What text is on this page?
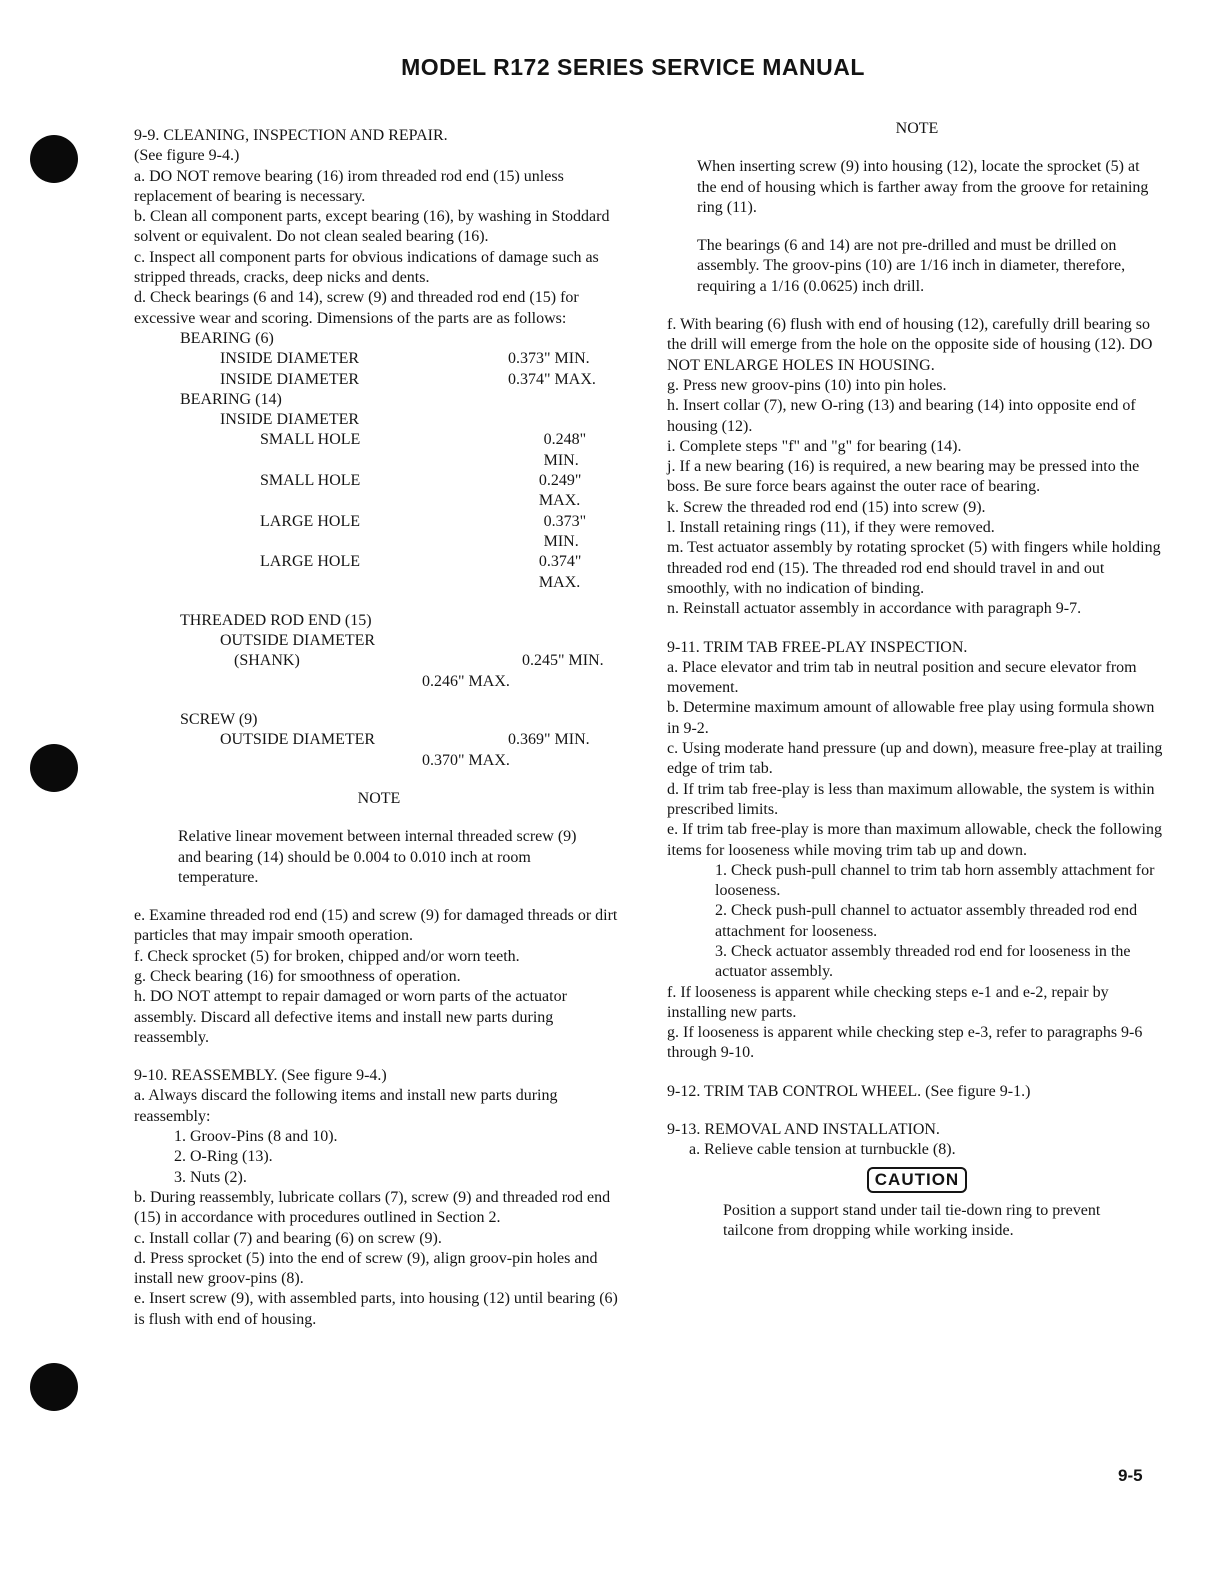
MODEL R172 SERIES SERVICE MANUAL

9-9. CLEANING, INSPECTION AND REPAIR.

(See figure 9-4.)

a. DO NOT remove bearing (16) irom threaded rod end (15) unless replacement of bearing is necessary.

b. Clean all component parts, except bearing (16), by washing in Stoddard solvent or equivalent. Do not clean sealed bearing (16).

c. Inspect all component parts for obvious indications of damage such as stripped threads, cracks, deep nicks and dents.

d. Check bearings (6 and 14), screw (9) and threaded rod end (15) for excessive wear and scoring. Dimensions of the parts are as follows:

BEARING (6)
INSIDE DIAMETER	0.373" MIN.
INSIDE DIAMETER	0.374" MAX.
BEARING (14)
INSIDE DIAMETER
SMALL HOLE	0.248" MIN.
SMALL HOLE	0.249" MAX.
LARGE HOLE	0.373" MIN.
LARGE HOLE	0.374" MAX.
THREADED ROD END (15)
OUTSIDE DIAMETER
(SHANK)	0.245" MIN.
0.246" MAX.
SCREW (9)
OUTSIDE DIAMETER	0.369" MIN.
0.370" MAX.

NOTE

Relative linear movement between internal threaded screw (9) and bearing (14) should be 0.004 to 0.010 inch at room temperature.

e. Examine threaded rod end (15) and screw (9) for damaged threads or dirt particles that may impair smooth operation.

f. Check sprocket (5) for broken, chipped and/or worn teeth.

g. Check bearing (16) for smoothness of operation.

h. DO NOT attempt to repair damaged or worn parts of the actuator assembly. Discard all defective items and install new parts during reassembly.

9-10. REASSEMBLY. (See figure 9-4.)

a. Always discard the following items and install new parts during reassembly:

1. Groov-Pins (8 and 10).

2. O-Ring (13).

3. Nuts (2).

b. During reassembly, lubricate collars (7), screw (9) and threaded rod end (15) in accordance with procedures outlined in Section 2.

c. Install collar (7) and bearing (6) on screw (9).

d. Press sprocket (5) into the end of screw (9), align groov-pin holes and install new groov-pins (8).

e. Insert screw (9), with assembled parts, into housing (12) until bearing (6) is flush with end of housing.

NOTE

When inserting screw (9) into housing (12), locate the sprocket (5) at the end of housing which is farther away from the groove for retaining ring (11).

The bearings (6 and 14) are not pre-drilled and must be drilled on assembly. The groov-pins (10) are 1/16 inch in diameter, therefore, requiring a 1/16 (0.0625) inch drill.

f. With bearing (6) flush with end of housing (12), carefully drill bearing so the drill will emerge from the hole on the opposite side of housing (12). DO NOT ENLARGE HOLES IN HOUSING.

g. Press new groov-pins (10) into pin holes.

h. Insert collar (7), new O-ring (13) and bearing (14) into opposite end of housing (12).

i. Complete steps "f" and "g" for bearing (14).

j. If a new bearing (16) is required, a new bearing may be pressed into the boss. Be sure force bears against the outer race of bearing.

k. Screw the threaded rod end (15) into screw (9).

l. Install retaining rings (11), if they were removed.

m. Test actuator assembly by rotating sprocket (5) with fingers while holding threaded rod end (15). The threaded rod end should travel in and out smoothly, with no indication of binding.

n. Reinstall actuator assembly in accordance with paragraph 9-7.

9-11. TRIM TAB FREE-PLAY INSPECTION.

a. Place elevator and trim tab in neutral position and secure elevator from movement.

b. Determine maximum amount of allowable free play using formula shown in 9-2.

c. Using moderate hand pressure (up and down), measure free-play at trailing edge of trim tab.

d. If trim tab free-play is less than maximum allowable, the system is within prescribed limits.

e. If trim tab free-play is more than maximum allowable, check the following items for looseness while moving trim tab up and down.

1. Check push-pull channel to trim tab horn assembly attachment for looseness.

2. Check push-pull channel to actuator assembly threaded rod end attachment for looseness.

3. Check actuator assembly threaded rod end for looseness in the actuator assembly.

f. If looseness is apparent while checking steps e-1 and e-2, repair by installing new parts.

g. If looseness is apparent while checking step e-3, refer to paragraphs 9-6 through 9-10.

9-12. TRIM TAB CONTROL WHEEL. (See figure 9-1.)

9-13. REMOVAL AND INSTALLATION.

a. Relieve cable tension at turnbuckle (8).

CAUTION

Position a support stand under tail tie-down ring to prevent tailcone from dropping while working inside.

9-5
